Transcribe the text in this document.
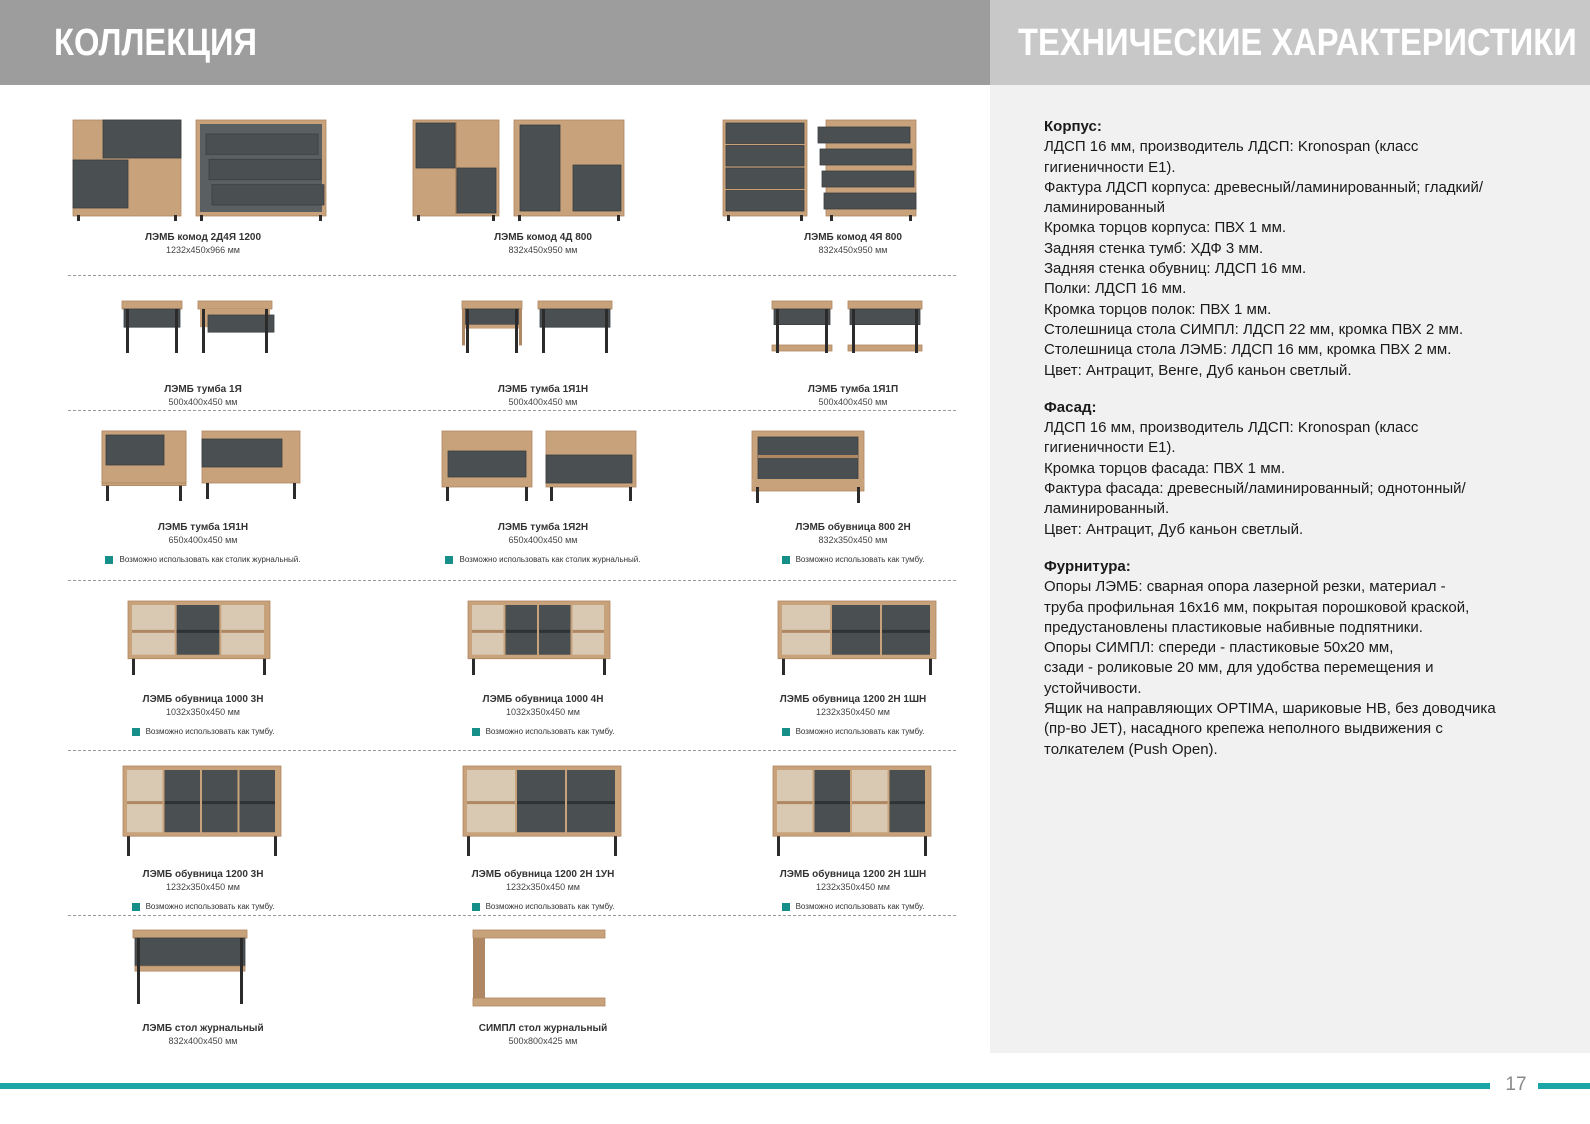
КОЛЛЕКЦИЯ	ТЕХНИЧЕСКИЕ ХАРАКТЕРИСТИКИ
Корпус:
ЛДСП 16 мм, производитель ЛДСП: Kronospan (класс
гигиеничности Е1).
Фактура ЛДСП корпуса: древесный/ламинированный; гладкий/
ламинированный
Кромка торцов корпуса: ПВХ 1 мм.
Задняя стенка тумб: ХДФ 3 мм.
Задняя стенка обувниц: ЛДСП 16 мм.
Полки: ЛДСП 16 мм.
Кромка торцов полок: ПВХ 1 мм.
Столешница стола СИМПЛ: ЛДСП 22 мм, кромка ПВХ 2 мм.
Столешница стола ЛЭМБ: ЛДСП 16 мм, кромка ПВХ 2 мм.
Цвет: Антрацит, Венге, Дуб каньон светлый.
Фасад:
ЛДСП 16 мм, производитель ЛДСП: Kronospan (класс
гигиеничности Е1).
Кромка торцов фасада: ПВХ 1 мм.
Фактура фасада: древесный/ламинированный; однотонный/
ламинированный.
Цвет: Антрацит, Дуб каньон светлый.
Фурнитура:
Опоры ЛЭМБ: сварная опора лазерной резки, материал -
труба профильная 16х16 мм, покрытая порошковой краской,
предустановлены пластиковые набивные подпятники.
Опоры СИМПЛ: спереди - пластиковые 50х20 мм,
сзади - роликовые 20 мм, для удобства перемещения и
устойчивости.
Ящик на направляющих OPTIMA, шариковые НВ, без доводчика
(пр-во JET), насадного крепежа неполного выдвижения с
толкателем (Push Open).
ЛЭМБ комод 2Д4Я 1200
1232х450х966 мм
ЛЭМБ комод 4Д 800
832х450х950 мм
ЛЭМБ комод 4Я 800
832х450х950 мм
ЛЭМБ тумба 1Я
500х400х450 мм
ЛЭМБ тумба 1Я1Н
500х400х450 мм
ЛЭМБ тумба 1Я1П
500х400х450 мм
ЛЭМБ тумба 1Я1Н
650х400х450 мм
Возможно использовать как столик журнальный.
ЛЭМБ тумба 1Я2Н
650х400х450 мм
Возможно использовать как столик журнальный.
ЛЭМБ обувница 800 2Н
832х350х450 мм
Возможно использовать как тумбу.
ЛЭМБ обувница 1000 3Н
1032х350х450 мм
Возможно использовать как тумбу.
ЛЭМБ обувница 1000 4Н
1032х350х450 мм
Возможно использовать как тумбу.
ЛЭМБ обувница 1200 2Н 1ШН
1232х350х450 мм
Возможно использовать как тумбу.
ЛЭМБ обувница 1200 3Н
1232х350х450 мм
Возможно использовать как тумбу.
ЛЭМБ обувница 1200 2Н 1УН
1232х350х450 мм
Возможно использовать как тумбу.
ЛЭМБ обувница 1200 2Н 1ШН
1232х350х450 мм
Возможно использовать как тумбу.
ЛЭМБ стол журнальный
832х400х450 мм
СИМПЛ стол журнальный
500х800х425 мм
17
